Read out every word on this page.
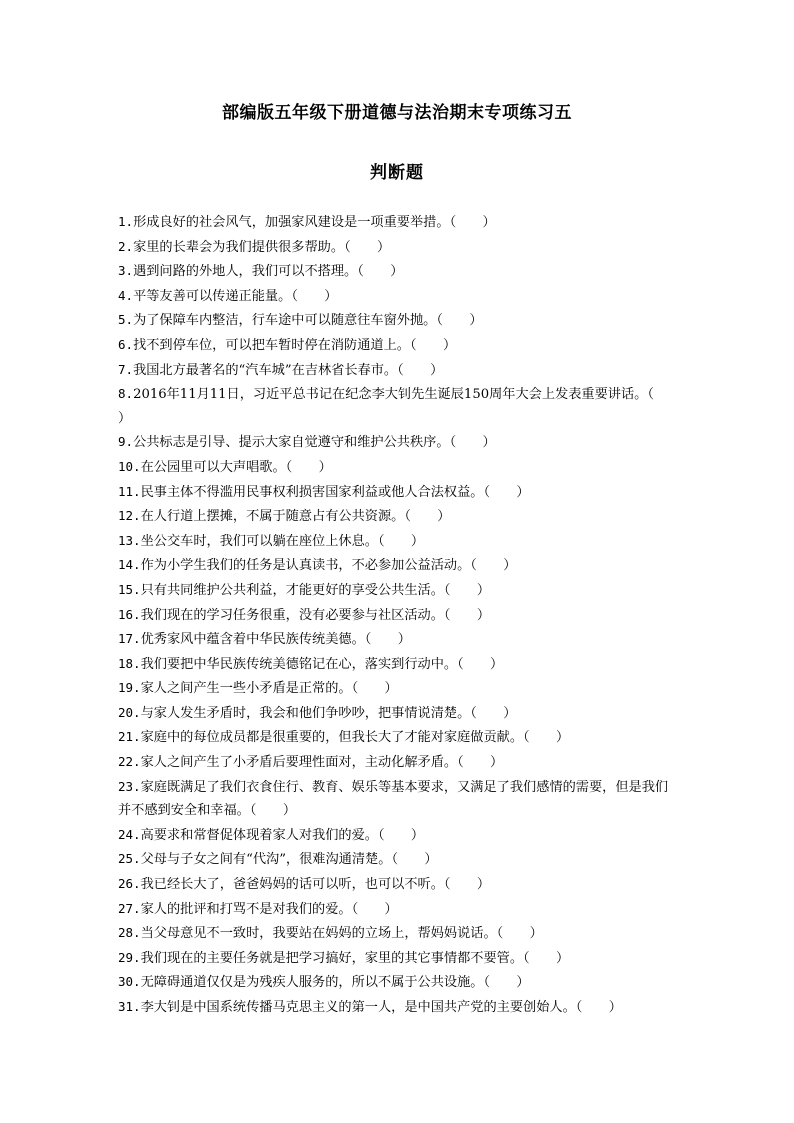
部编版五年级下册道德与法治期末专项练习五
判断题
1.形成良好的社会风气，加强家风建设是一项重要举措。（　　）
2.家里的长辈会为我们提供很多帮助。（　　）
3.遇到问路的外地人，我们可以不搭理。（　　）
4.平等友善可以传递正能量。（　　）
5.为了保障车内整洁，行车途中可以随意往车窗外抛。（　　）
6.找不到停车位，可以把车暂时停在消防通道上。（　　）
7.我国北方最著名的“汽车城”在吉林省长春市。（　　）
8.2016年11月11日，习近平总书记在纪念李大钊先生诞辰150周年大会上发表重要讲话。（　　）
9.公共标志是引导、提示大家自觉遵守和维护公共秩序。（　　）
10.在公园里可以大声唱歌。（　　）
11.民事主体不得滥用民事权利损害国家利益或他人合法权益。（　　）
12.在人行道上摆摊，不属于随意占有公共资源。（　　）
13.坐公交车时，我们可以躺在座位上休息。（　　）
14.作为小学生我们的任务是认真读书，不必参加公益活动。（　　）
15.只有共同维护公共利益，才能更好的享受公共生活。（　　）
16.我们现在的学习任务很重，没有必要参与社区活动。（　　）
17.优秀家风中蕴含着中华民族传统美德。（　　）
18.我们要把中华民族传统美德铭记在心，落实到行动中。（　　）
19.家人之间产生一些小矛盾是正常的。（　　）
20.与家人发生矛盾时，我会和他们争吵吵，把事情说清楚。（　　）
21.家庭中的每位成员都是很重要的，但我长大了才能对家庭做贡献。（　　）
22.家人之间产生了小矛盾后要理性面对，主动化解矛盾。（　　）
23.家庭既满足了我们衣食住行、教育、娱乐等基本要求，又满足了我们感情的需要，但是我们并不感到安全和幸福。（　　）
24.高要求和常督促体现着家人对我们的爱。（　　）
25.父母与子女之间有“代沟”，很难沟通清楚。（　　）
26.我已经长大了，爸爸妈妈的话可以听，也可以不听。（　　）
27.家人的批评和打骂不是对我们的爱。（　　）
28.当父母意见不一致时，我要站在妈妈的立场上，帮妈妈说话。（　　）
29.我们现在的主要任务就是把学习搞好，家里的其它事情都不要管。（　　）
30.无障碍通道仅仅是为残疾人服务的，所以不属于公共设施。（　　）
31.李大钊是中国系统传播马克思主义的第一人，是中国共产党的主要创始人。（　　）
